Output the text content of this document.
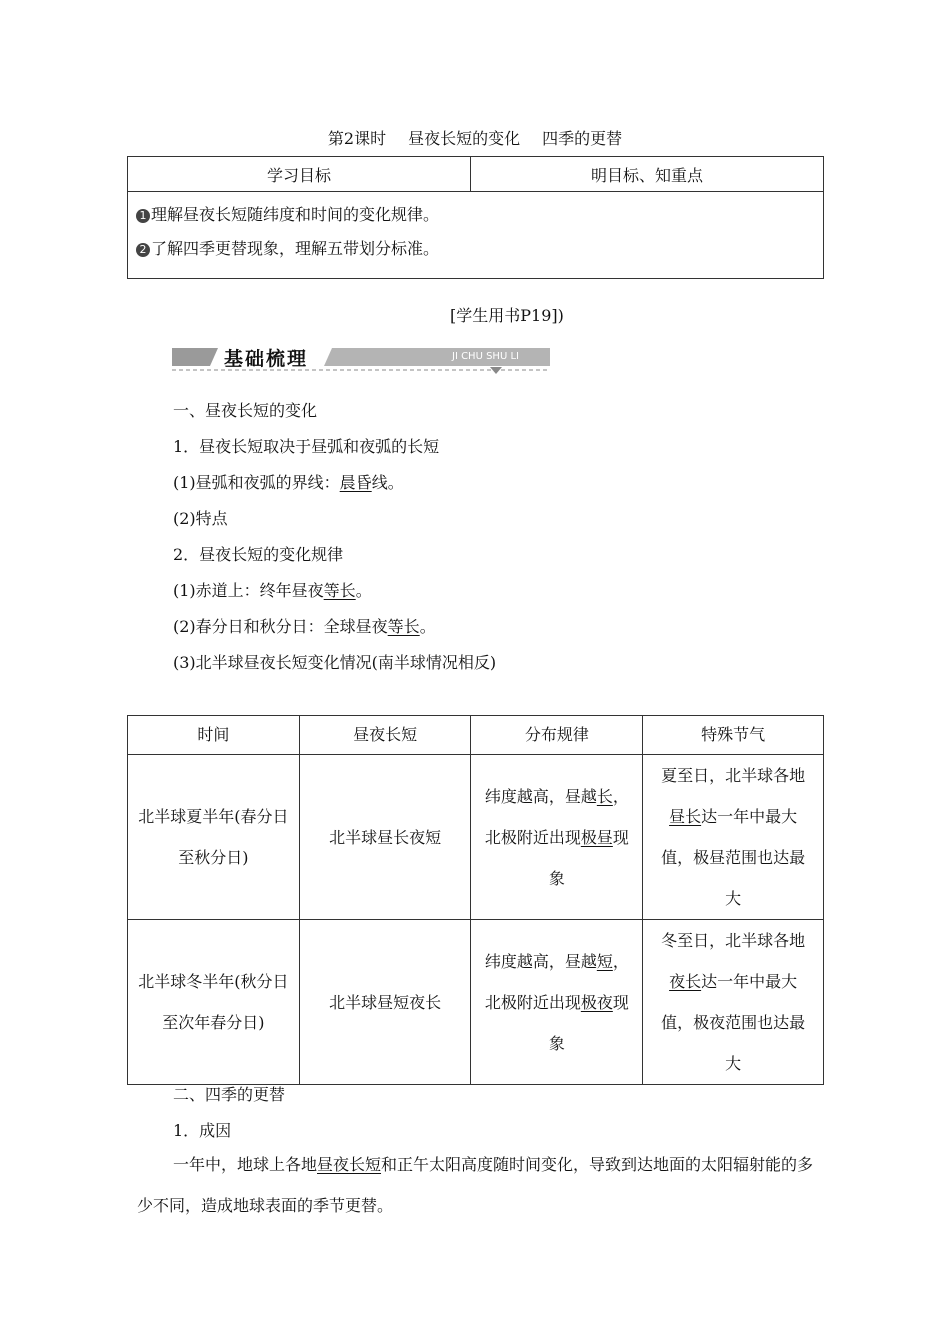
第2课时 昼夜长短的变化 四季的更替
学习目标	明目标、知重点

1 理解昼夜长短随纬度和时间的变化规律。
2 了解四季更替现象，理解五带划分标准。
[学生用书P19])
基础梳理	JI CHU SHU LI
一、昼夜长短的变化
1．昼夜长短取决于昼弧和夜弧的长短
(1)昼弧和夜弧的界线：晨昏线。
(2)特点
2．昼夜长短的变化规律
(1)赤道上：终年昼夜等长。
(2)春分日和秋分日：全球昼夜等长。
(3)北半球昼夜长短变化情况(南半球情况相反)
时间	昼夜长短	分布规律	特殊节气

北半球夏半年(春分日至秋分日)	北半球昼长夜短	纬度越高，昼越长，北极附近出现极昼现象	夏至日，北半球各地昼长达一年中最大值，极昼范围也达最大

北半球冬半年(秋分日至次年春分日)	北半球昼短夜长	纬度越高，昼越短，北极附近出现极夜现象	冬至日，北半球各地夜长达一年中最大值，极夜范围也达最大
二、四季的更替
1．成因
一年中，地球上各地昼夜长短和正午太阳高度随时间变化，导致到达地面的太阳辐射能的多少不同，造成地球表面的季节更替。
